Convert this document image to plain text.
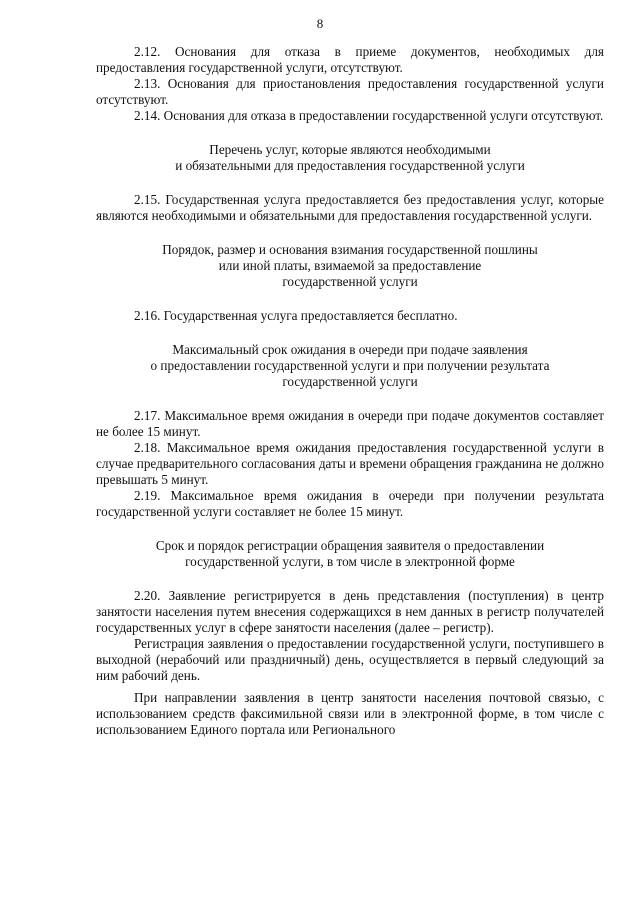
8

2.12. Основания для отказа в приеме документов, необходимых для предоставления государственной услуги, отсутствуют.

2.13. Основания для приостановления предоставления государственной услуги отсутствуют.

2.14. Основания для отказа в предоставлении государственной услуги отсутствуют.

Перечень услуг, которые являются необходимыми
и обязательными для предоставления государственной услуги

2.15. Государственная услуга предоставляется без предоставления услуг, которые являются необходимыми и обязательными для предоставления государственной услуги.

Порядок, размер и основания взимания государственной пошлины
или иной платы, взимаемой за предоставление
государственной услуги

2.16. Государственная услуга предоставляется бесплатно.

Максимальный срок ожидания в очереди при подаче заявления
о предоставлении государственной услуги и при получении результата
государственной услуги

2.17. Максимальное время ожидания в очереди при подаче документов составляет не более 15 минут.

2.18. Максимальное время ожидания предоставления государственной услуги в случае предварительного согласования даты и времени обращения гражданина не должно превышать 5 минут.

2.19. Максимальное время ожидания в очереди при получении результата государственной услуги составляет не более 15 минут.

Срок и порядок регистрации обращения заявителя о предоставлении
государственной услуги, в том числе в электронной форме

2.20. Заявление регистрируется в день представления (поступления) в центр занятости населения путем внесения содержащихся в нем данных в регистр получателей государственных услуг в сфере занятости населения (далее – регистр).

Регистрация заявления о предоставлении государственной услуги, поступившего в выходной (нерабочий или праздничный) день, осуществляется в первый следующий за ним рабочий день.

При направлении заявления в центр занятости населения почтовой связью, с использованием средств факсимильной связи или в электронной форме, в том числе с использованием Единого портала или Регионального
